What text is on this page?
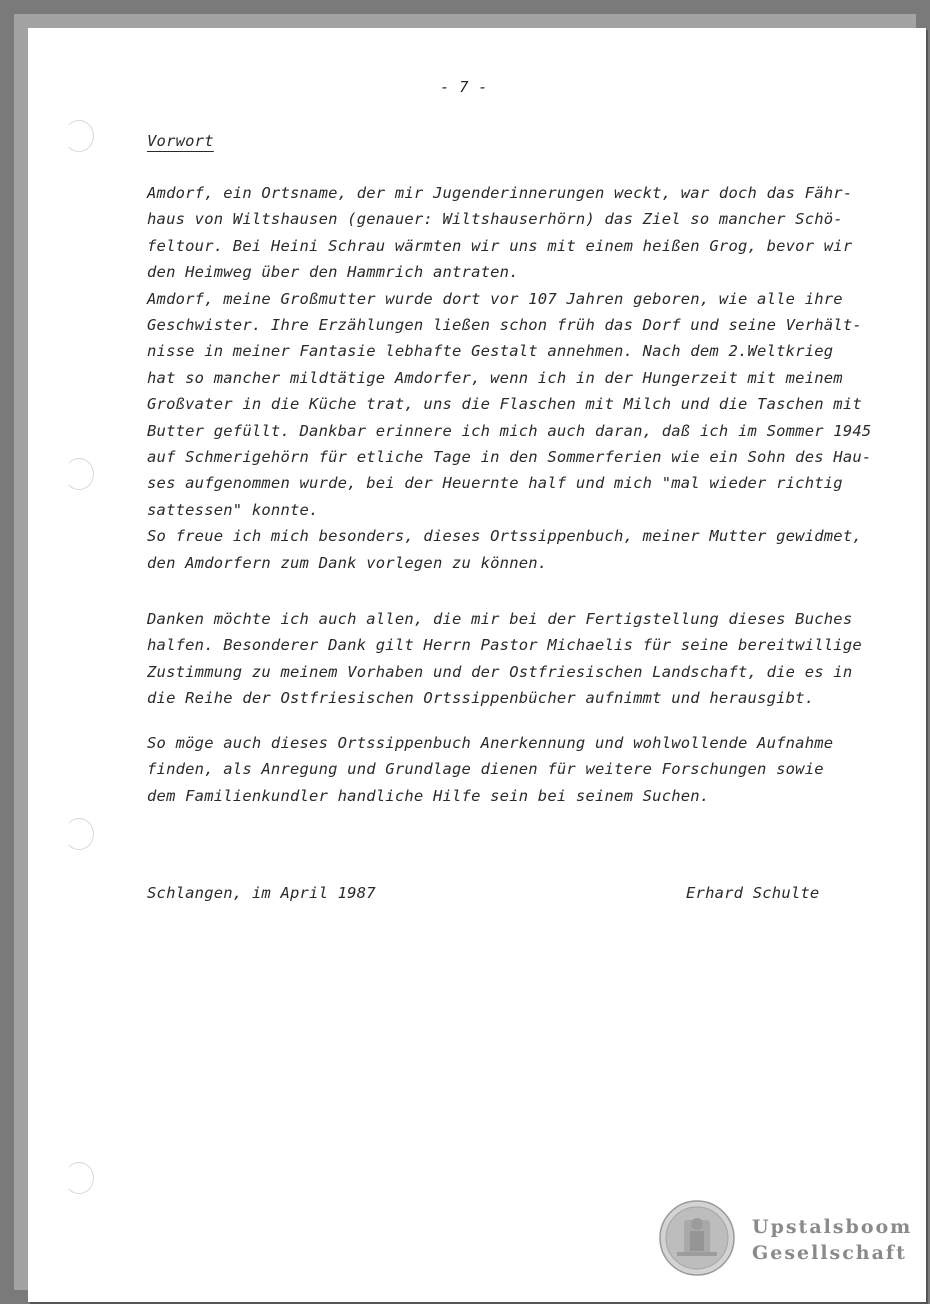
- 7 -
Vorwort
Amdorf, ein Ortsname, der mir Jugenderinnerungen weckt, war doch das Fähr-
haus von Wiltshausen (genauer: Wiltshauserhörn) das Ziel so mancher Schö-
feltour. Bei Heini Schrau wärmten wir uns mit einem heißen Grog, bevor wir
den Heimweg über den Hammrich antraten.
Amdorf, meine Großmutter wurde dort vor 107 Jahren geboren, wie alle ihre
Geschwister. Ihre Erzählungen ließen schon früh das Dorf und seine Verhält-
nisse in meiner Fantasie lebhafte Gestalt annehmen. Nach dem 2.Weltkrieg
hat so mancher mildtätige Amdorfer, wenn ich in der Hungerzeit mit meinem
Großvater in die Küche trat, uns die Flaschen mit Milch und die Taschen mit
Butter gefüllt. Dankbar erinnere ich mich auch daran, daß ich im Sommer 1945
auf Schmerigehörn für etliche Tage in den Sommerferien wie ein Sohn des Hau-
ses aufgenommen wurde, bei der Heuernte half und mich "mal wieder richtig
sattessen" konnte.
So freue ich mich besonders, dieses Ortssippenbuch, meiner Mutter gewidmet,
den Amdorfern zum Dank vorlegen zu können.
Danken möchte ich auch allen, die mir bei der Fertigstellung dieses Buches
halfen. Besonderer Dank gilt Herrn Pastor Michaelis für seine bereitwillige
Zustimmung zu meinem Vorhaben und der Ostfriesischen Landschaft, die es in
die Reihe der Ostfriesischen Ortssippenbücher aufnimmt und herausgibt.
So möge auch dieses Ortssippenbuch Anerkennung und wohlwollende Aufnahme
finden, als Anregung und Grundlage dienen für weitere Forschungen sowie
dem Familienkundler handliche Hilfe sein bei seinem Suchen.
Schlangen, im April 1987	Erhard Schulte
Upstalsboom
Gesellschaft
